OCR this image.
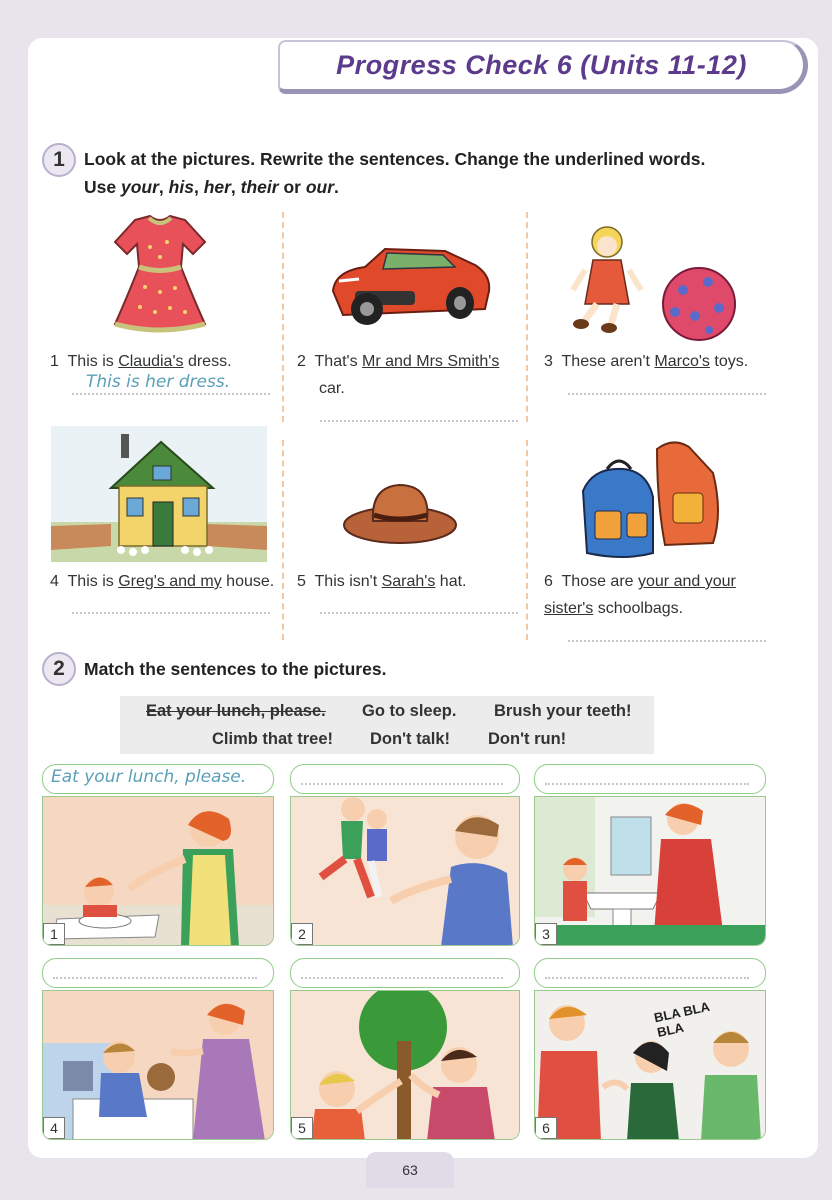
Progress Check 6 (Units 11-12)
1	Look at the pictures. Rewrite the sentences. Change the underlined words.
Use your, his, her, their or our.
1 This is Claudia's dress.
This is her dress.
2 That's Mr and Mrs Smith's
car.
3 These aren't Marco's toys.
4 This is Greg's and my house. 5 This isn't Sarah's hat.	6 Those are your and your sister's schoolbags.
2	Match the sentences to the pictures.
Eat your lunch, please. Go to sleep. Brush your teeth!
Climb that tree! Don't talk! Don't run!
Eat your lunch, please.
1	2	3
4	5
BLA BLA BLA
6
63
